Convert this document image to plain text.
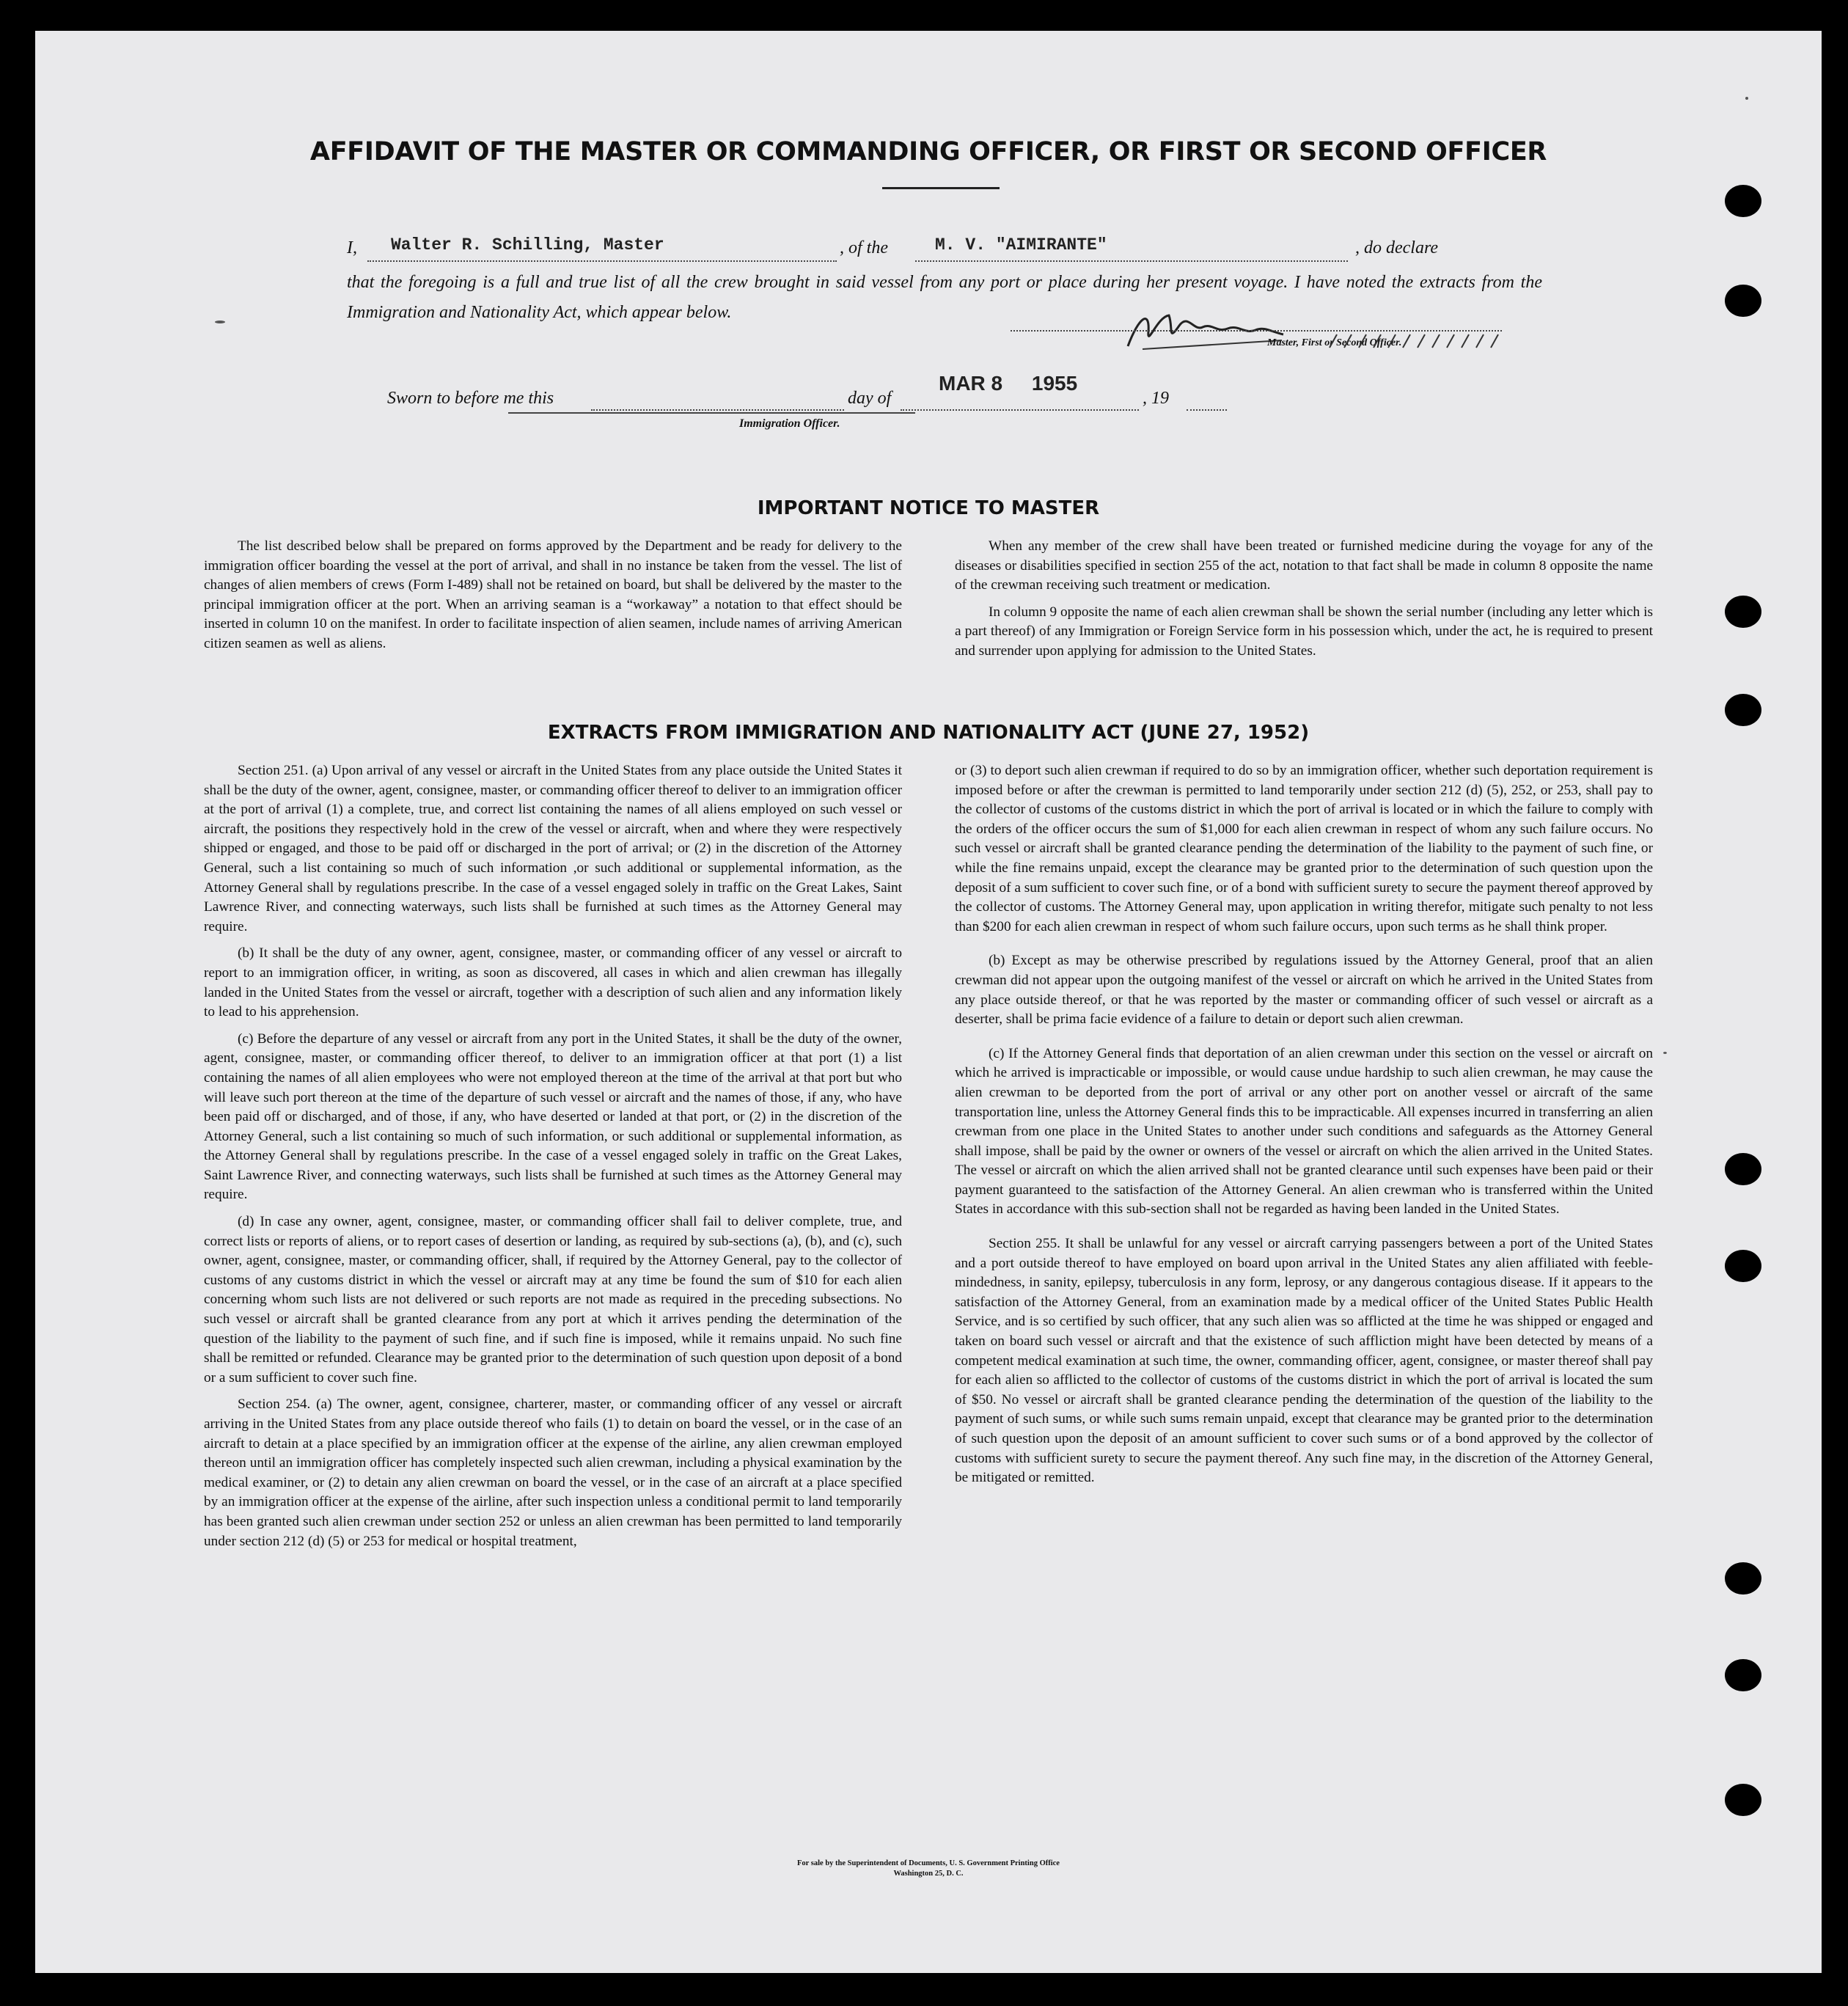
AFFIDAVIT OF THE MASTER OR COMMANDING OFFICER, OR FIRST OR SECOND OFFICER
I, Walter R. Schilling, Master	, of the	M. V. "AIMIRANTE"	, do declare
that the foregoing is a full and true list of all the crew brought in said vessel from any port or place during her present voyage. I have noted the extracts from the Immigration and Nationality Act, which appear below.
Master, First or Second Officer.
Sworn to before me this	day of	, 19
MAR 8 1955
Immigration Officer.
IMPORTANT NOTICE TO MASTER

The list described below shall be prepared on forms approved by the Department and be ready for delivery to the immigration officer boarding the vessel at the port of arrival, and shall in no instance be taken from the vessel. The list of changes of alien members of crews (Form I-489) shall not be retained on board, but shall be delivered by the master to the principal immigration officer at the port. When an arriving seaman is a “workaway” a notation to that effect should be inserted in column 10 on the manifest. In order to facilitate inspection of alien seamen, include names of arriving American citizen seamen as well as aliens.

When any member of the crew shall have been treated or furnished medicine during the voyage for any of the diseases or disabilities specified in section 255 of the act, notation to that fact shall be made in column 8 opposite the name of the crewman receiving such treatment or medication.

In column 9 opposite the name of each alien crewman shall be shown the serial number (including any letter which is a part thereof) of any Immigration or Foreign Service form in his possession which, under the act, he is required to present and surrender upon applying for admission to the United States.

EXTRACTS FROM IMMIGRATION AND NATIONALITY ACT (JUNE 27, 1952)

Section 251. (a) Upon arrival of any vessel or aircraft in the United States from any place outside the United States it shall be the duty of the owner, agent, consignee, master, or commanding officer thereof to deliver to an immigration officer at the port of arrival (1) a complete, true, and correct list containing the names of all aliens employed on such vessel or aircraft, the positions they respectively hold in the crew of the vessel or aircraft, when and where they were respectively shipped or engaged, and those to be paid off or discharged in the port of arrival; or (2) in the discretion of the Attorney General, such a list containing so much of such information ,or such additional or supplemental information, as the Attorney General shall by regulations prescribe. In the case of a vessel engaged solely in traffic on the Great Lakes, Saint Lawrence River, and connecting waterways, such lists shall be furnished at such times as the Attorney General may require.

(b) It shall be the duty of any owner, agent, consignee, master, or commanding officer of any vessel or aircraft to report to an immigration officer, in writing, as soon as discovered, all cases in which and alien crewman has illegally landed in the United States from the vessel or aircraft, together with a description of such alien and any information likely to lead to his apprehension.

(c) Before the departure of any vessel or aircraft from any port in the United States, it shall be the duty of the owner, agent, consignee, master, or commanding officer thereof, to deliver to an immigration officer at that port (1) a list containing the names of all alien employees who were not employed thereon at the time of the arrival at that port but who will leave such port thereon at the time of the departure of such vessel or aircraft and the names of those, if any, who have been paid off or discharged, and of those, if any, who have deserted or landed at that port, or (2) in the discretion of the Attorney General, such a list containing so much of such information, or such additional or supplemental information, as the Attorney General shall by regulations prescribe. In the case of a vessel engaged solely in traffic on the Great Lakes, Saint Lawrence River, and connecting waterways, such lists shall be furnished at such times as the Attorney General may require.

(d) In case any owner, agent, consignee, master, or commanding officer shall fail to deliver complete, true, and correct lists or reports of aliens, or to report cases of desertion or landing, as required by sub-sections (a), (b), and (c), such owner, agent, consignee, master, or commanding officer, shall, if required by the Attorney General, pay to the collector of customs of any customs district in which the vessel or aircraft may at any time be found the sum of $10 for each alien concerning whom such lists are not delivered or such reports are not made as required in the preceding subsections. No such vessel or aircraft shall be granted clearance from any port at which it arrives pending the determination of the question of the liability to the payment of such fine, and if such fine is imposed, while it remains unpaid. No such fine shall be remitted or refunded. Clearance may be granted prior to the determination of such question upon deposit of a bond or a sum sufficient to cover such fine.

Section 254. (a) The owner, agent, consignee, charterer, master, or commanding officer of any vessel or aircraft arriving in the United States from any place outside thereof who fails (1) to detain on board the vessel, or in the case of an aircraft to detain at a place specified by an immigration officer at the expense of the airline, any alien crewman employed thereon until an immigration officer has completely inspected such alien crewman, including a physical examination by the medical examiner, or (2) to detain any alien crewman on board the vessel, or in the case of an aircraft at a place specified by an immigration officer at the expense of the airline, after such inspection unless a conditional permit to land temporarily has been granted such alien crewman under section 252 or unless an alien crewman has been permitted to land temporarily under section 212 (d) (5) or 253 for medical or hospital treatment,

or (3) to deport such alien crewman if required to do so by an immigration officer, whether such deportation requirement is imposed before or after the crewman is permitted to land temporarily under section 212 (d) (5), 252, or 253, shall pay to the collector of customs of the customs district in which the port of arrival is located or in which the failure to comply with the orders of the officer occurs the sum of $1,000 for each alien crewman in respect of whom any such failure occurs. No such vessel or aircraft shall be granted clearance pending the determination of the liability to the payment of such fine, or while the fine remains unpaid, except the clearance may be granted prior to the determination of such question upon the deposit of a sum sufficient to cover such fine, or of a bond with sufficient surety to secure the payment thereof approved by the collector of customs. The Attorney General may, upon application in writing therefor, mitigate such penalty to not less than $200 for each alien crewman in respect of whom such failure occurs, upon such terms as he shall think proper.

(b) Except as may be otherwise prescribed by regulations issued by the Attorney General, proof that an alien crewman did not appear upon the outgoing manifest of the vessel or aircraft on which he arrived in the United States from any place outside thereof, or that he was reported by the master or commanding officer of such vessel or aircraft as a deserter, shall be prima facie evidence of a failure to detain or deport such alien crewman.

(c) If the Attorney General finds that deportation of an alien crewman under this section on the vessel or aircraft on which he arrived is impracticable or impossible, or would cause undue hardship to such alien crewman, he may cause the alien crewman to be deported from the port of arrival or any other port on another vessel or aircraft of the same transportation line, unless the Attorney General finds this to be impracticable. All expenses incurred in transferring an alien crewman from one place in the United States to another under such conditions and safeguards as the Attorney General shall impose, shall be paid by the owner or owners of the vessel or aircraft on which the alien arrived in the United States. The vessel or aircraft on which the alien arrived shall not be granted clearance until such expenses have been paid or their payment guaranteed to the satisfaction of the Attorney General. An alien crewman who is transferred within the United States in accordance with this sub-section shall not be regarded as having been landed in the United States.

Section 255. It shall be unlawful for any vessel or aircraft carrying passengers between a port of the United States and a port outside thereof to have employed on board upon arrival in the United States any alien affiliated with feeble-mindedness, in sanity, epilepsy, tuberculosis in any form, leprosy, or any dangerous contagious disease. If it appears to the satisfaction of the Attorney General, from an examination made by a medical officer of the United States Public Health Service, and is so certified by such officer, that any such alien was so afflicted at the time he was shipped or engaged and taken on board such vessel or aircraft and that the existence of such affliction might have been detected by means of a competent medical examination at such time, the owner, commanding officer, agent, consignee, or master thereof shall pay for each alien so afflicted to the collector of customs of the customs district in which the port of arrival is located the sum of $50. No vessel or aircraft shall be granted clearance pending the determination of the question of the liability to the payment of such sums, or while such sums remain unpaid, except that clearance may be granted prior to the determination of such question upon the deposit of an amount sufficient to cover such sums or of a bond approved by the collector of customs with sufficient surety to secure the payment thereof. Any such fine may, in the discretion of the Attorney General, be mitigated or remitted.

For sale by the Superintendent of Documents, U. S. Government Printing Office
Washington 25, D. C.
